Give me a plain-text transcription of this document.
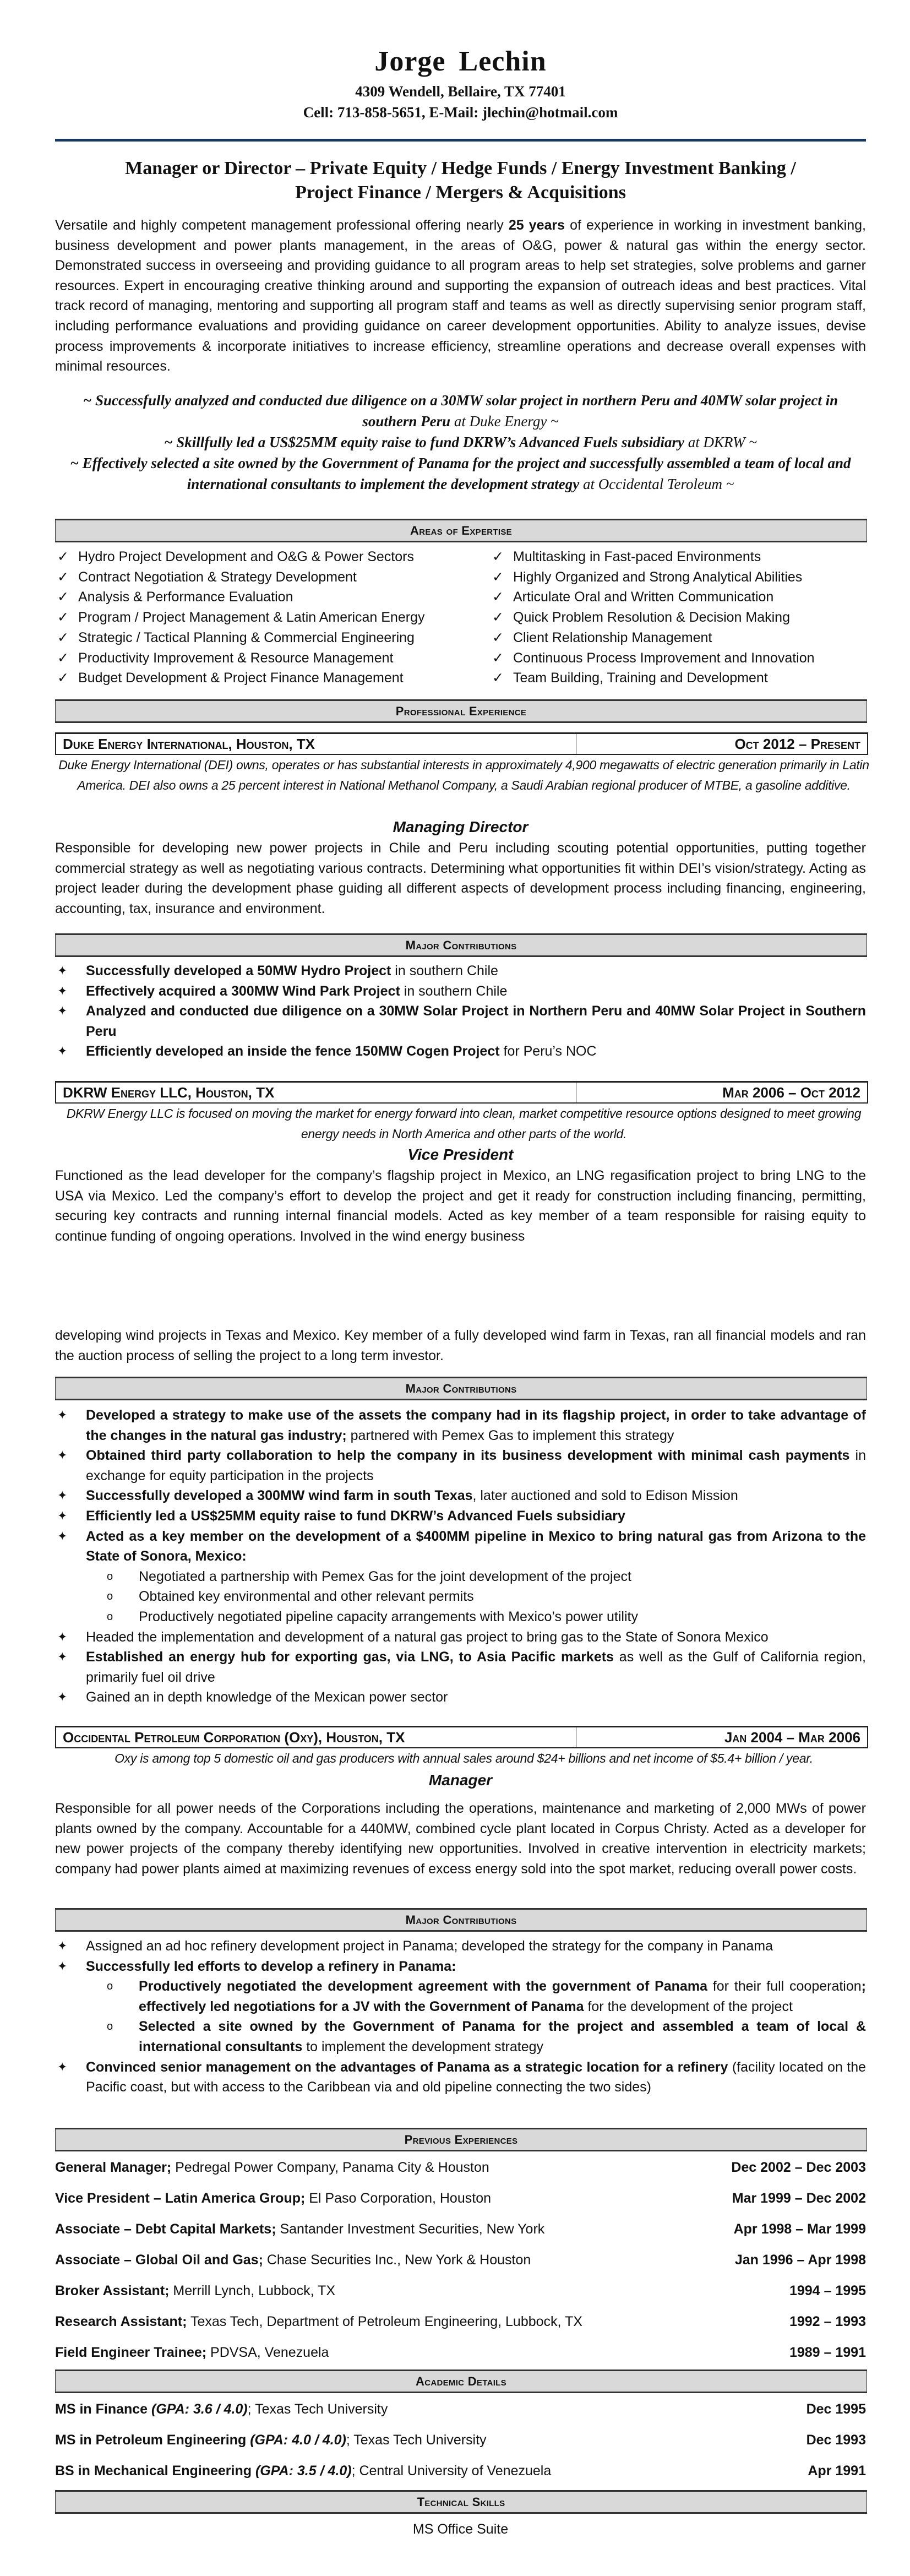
Jorge Lechin
4309 Wendell, Bellaire, TX 77401
Cell: 713-858-5651, E-Mail: jlechin@hotmail.com
Manager or Director – Private Equity / Hedge Funds / Energy Investment Banking /
Project Finance / Mergers & Acquisitions
Versatile and highly competent management professional offering nearly 25 years of experience in working in investment banking, business development and power plants management, in the areas of O&G, power & natural gas within the energy sector. Demonstrated success in overseeing and providing guidance to all program areas to help set strategies, solve problems and garner resources. Expert in encouraging creative thinking around and supporting the expansion of outreach ideas and best practices. Vital track record of managing, mentoring and supporting all program staff and teams as well as directly supervising senior program staff, including performance evaluations and providing guidance on career development opportunities. Ability to analyze issues, devise process improvements & incorporate initiatives to increase efficiency, streamline operations and decrease overall expenses with minimal resources.
~ Successfully analyzed and conducted due diligence on a 30MW solar project in northern Peru and 40MW solar project in southern Peru at Duke Energy ~
~ Skillfully led a US$25MM equity raise to fund DKRW’s Advanced Fuels subsidiary at DKRW ~
~ Effectively selected a site owned by the Government of Panama for the project and successfully assembled a team of local and international consultants to implement the development strategy at Occidental Teroleum ~
Areas of Expertise
✓ Hydro Project Development and O&G & Power Sectors
✓ Contract Negotiation & Strategy Development
✓ Analysis & Performance Evaluation
✓ Program / Project Management & Latin American Energy
✓ Strategic / Tactical Planning & Commercial Engineering
✓ Productivity Improvement & Resource Management
✓ Budget Development & Project Finance Management
✓ Multitasking in Fast-paced Environments
✓ Highly Organized and Strong Analytical Abilities
✓ Articulate Oral and Written Communication
✓ Quick Problem Resolution & Decision Making
✓ Client Relationship Management
✓ Continuous Process Improvement and Innovation
✓ Team Building, Training and Development
Professional Experience
Duke Energy International, Houston, TX	Oct 2012 – Present
Duke Energy International (DEI) owns, operates or has substantial interests in approximately 4,900 megawatts of electric generation primarily in Latin America. DEI also owns a 25 percent interest in National Methanol Company, a Saudi Arabian regional producer of MTBE, a gasoline additive.
Managing Director
Responsible for developing new power projects in Chile and Peru including scouting potential opportunities, putting together commercial strategy as well as negotiating various contracts. Determining what opportunities fit within DEI’s vision/strategy. Acting as project leader during the development phase guiding all different aspects of development process including financing, engineering, accounting, tax, insurance and environment.
Major Contributions
✦	Successfully developed a 50MW Hydro Project in southern Chile
✦	Effectively acquired a 300MW Wind Park Project in southern Chile
✦	Analyzed and conducted due diligence on a 30MW Solar Project in Northern Peru and 40MW Solar Project in Southern Peru
✦	Efficiently developed an inside the fence 150MW Cogen Project for Peru’s NOC
DKRW Energy LLC, Houston, TX	Mar 2006 – Oct 2012
DKRW Energy LLC is focused on moving the market for energy forward into clean, market competitive resource options designed to meet growing energy needs in North America and other parts of the world.
Vice President
Functioned as the lead developer for the company’s flagship project in Mexico, an LNG regasification project to bring LNG to the USA via Mexico. Led the company’s effort to develop the project and get it ready for construction including financing, permitting, securing key contracts and running internal financial models. Acted as key member of a team responsible for raising equity to continue funding of ongoing operations. Involved in the wind energy business
developing wind projects in Texas and Mexico. Key member of a fully developed wind farm in Texas, ran all financial models and ran the auction process of selling the project to a long term investor.
Major Contributions
✦	Developed a strategy to make use of the assets the company had in its flagship project, in order to take advantage of the changes in the natural gas industry; partnered with Pemex Gas to implement this strategy
✦	Obtained third party collaboration to help the company in its business development with minimal cash payments in exchange for equity participation in the projects
✦	Successfully developed a 300MW wind farm in south Texas, later auctioned and sold to Edison Mission
✦	Efficiently led a US$25MM equity raise to fund DKRW’s Advanced Fuels subsidiary
✦	Acted as a key member on the development of a $400MM pipeline in Mexico to bring natural gas from Arizona to the State of Sonora, Mexico:
o	Negotiated a partnership with Pemex Gas for the joint development of the project
o	Obtained key environmental and other relevant permits
o	Productively negotiated pipeline capacity arrangements with Mexico’s power utility
✦	Headed the implementation and development of a natural gas project to bring gas to the State of Sonora Mexico
✦	Established an energy hub for exporting gas, via LNG, to Asia Pacific markets as well as the Gulf of California region, primarily fuel oil drive
✦	Gained an in depth knowledge of the Mexican power sector
Occidental Petroleum Corporation (Oxy), Houston, TX	Jan 2004 – Mar 2006
Oxy is among top 5 domestic oil and gas producers with annual sales around $24+ billions and net income of $5.4+ billion / year.
Manager
Responsible for all power needs of the Corporations including the operations, maintenance and marketing of 2,000 MWs of power plants owned by the company. Accountable for a 440MW, combined cycle plant located in Corpus Christy. Acted as a developer for new power projects of the company thereby identifying new opportunities. Involved in creative intervention in electricity markets; company had power plants aimed at maximizing revenues of excess energy sold into the spot market, reducing overall power costs.
Major Contributions
✦	Assigned an ad hoc refinery development project in Panama; developed the strategy for the company in Panama
✦	Successfully led efforts to develop a refinery in Panama:
o	Productively negotiated the development agreement with the government of Panama for their full cooperation; effectively led negotiations for a JV with the Government of Panama for the development of the project
o	Selected a site owned by the Government of Panama for the project and assembled a team of local & international consultants to implement the development strategy
✦	Convinced senior management on the advantages of Panama as a strategic location for a refinery (facility located on the Pacific coast, but with access to the Caribbean via and old pipeline connecting the two sides)
Previous Experiences
General Manager; Pedregal Power Company, Panama City & Houston	Dec 2002 – Dec 2003
Vice President – Latin America Group; El Paso Corporation, Houston	Mar 1999 – Dec 2002
Associate – Debt Capital Markets; Santander Investment Securities, New York	Apr 1998 – Mar 1999
Associate – Global Oil and Gas; Chase Securities Inc., New York & Houston	Jan 1996 – Apr 1998
Broker Assistant; Merrill Lynch, Lubbock, TX	1994 – 1995
Research Assistant; Texas Tech, Department of Petroleum Engineering, Lubbock, TX	1992 – 1993
Field Engineer Trainee; PDVSA, Venezuela	1989 – 1991
Academic Details
MS in Finance (GPA: 3.6 / 4.0); Texas Tech University	Dec 1995
MS in Petroleum Engineering (GPA: 4.0 / 4.0); Texas Tech University	Dec 1993
BS in Mechanical Engineering (GPA: 3.5 / 4.0); Central University of Venezuela	Apr 1991
Technical Skills
MS Office Suite
